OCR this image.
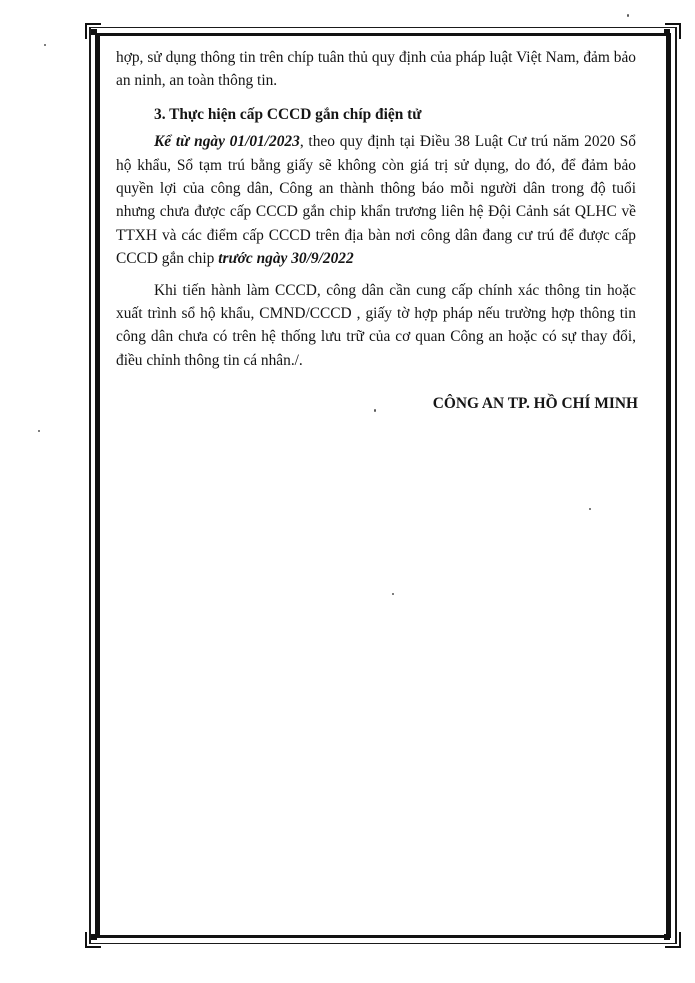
hợp, sử dụng thông tin trên chíp tuân thủ quy định của pháp luật Việt Nam, đảm bảo an ninh, an toàn thông tin.

3. Thực hiện cấp CCCD gắn chíp điện tử

Kể từ ngày 01/01/2023, theo quy định tại Điều 38 Luật Cư trú năm 2020 Sổ hộ khẩu, Sổ tạm trú bằng giấy sẽ không còn giá trị sử dụng, do đó, để đảm bảo quyền lợi của công dân, Công an thành thông báo mỗi người dân trong độ tuổi nhưng chưa được cấp CCCD gắn chip khẩn trương liên hệ Đội Cảnh sát QLHC về TTXH và các điểm cấp CCCD trên địa bàn nơi công dân đang cư trú để được cấp CCCD gắn chip trước ngày 30/9/2022

Khi tiến hành làm CCCD, công dân cần cung cấp chính xác thông tin hoặc xuất trình sổ hộ khẩu, CMND/CCCD , giấy tờ hợp pháp nếu trường hợp thông tin công dân chưa có trên hệ thống lưu trữ của cơ quan Công an hoặc có sự thay đổi, điều chỉnh thông tin cá nhân./.

CÔNG AN TP. HỒ CHÍ MINH
